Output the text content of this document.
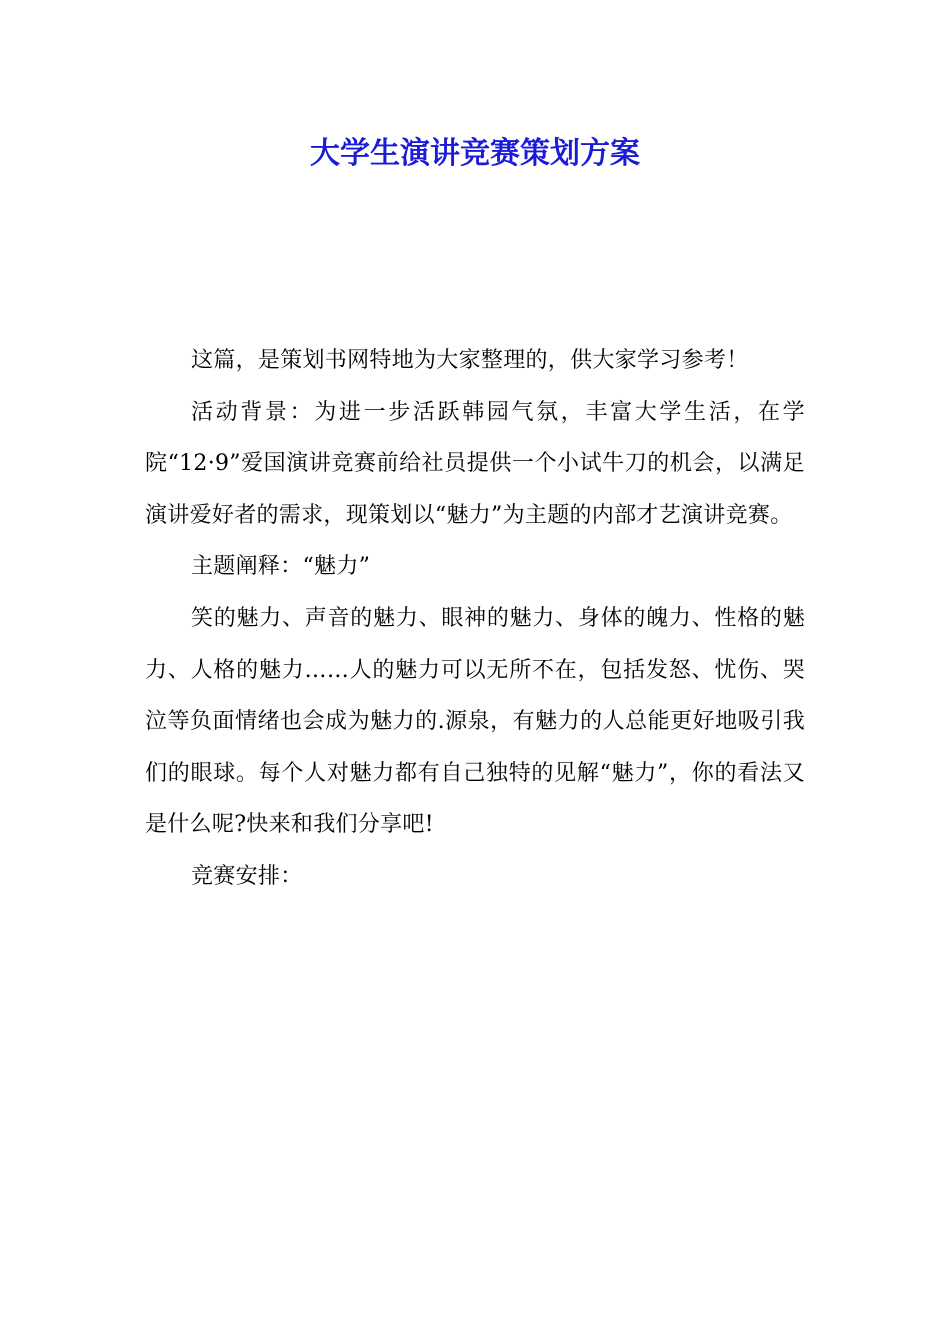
大学生演讲竞赛策划方案

这篇，是策划书网特地为大家整理的，供大家学习参考！

活动背景：为进一步活跃韩园气氛，丰富大学生活，在学院“12·9”爱国演讲竞赛前给社员提供一个小试牛刀的机会，以满足演讲爱好者的需求，现策划以“魅力”为主题的内部才艺演讲竞赛。

主题阐释：“魅力”

笑的魅力、声音的魅力、眼神的魅力、身体的魄力、性格的魅力、人格的魅力……人的魅力可以无所不在，包括发怒、忧伤、哭泣等负面情绪也会成为魅力的.源泉，有魅力的人总能更好地吸引我们的眼球。每个人对魅力都有自己独特的见解“魅力”，你的看法又是什么呢?快来和我们分享吧!

竞赛安排：
